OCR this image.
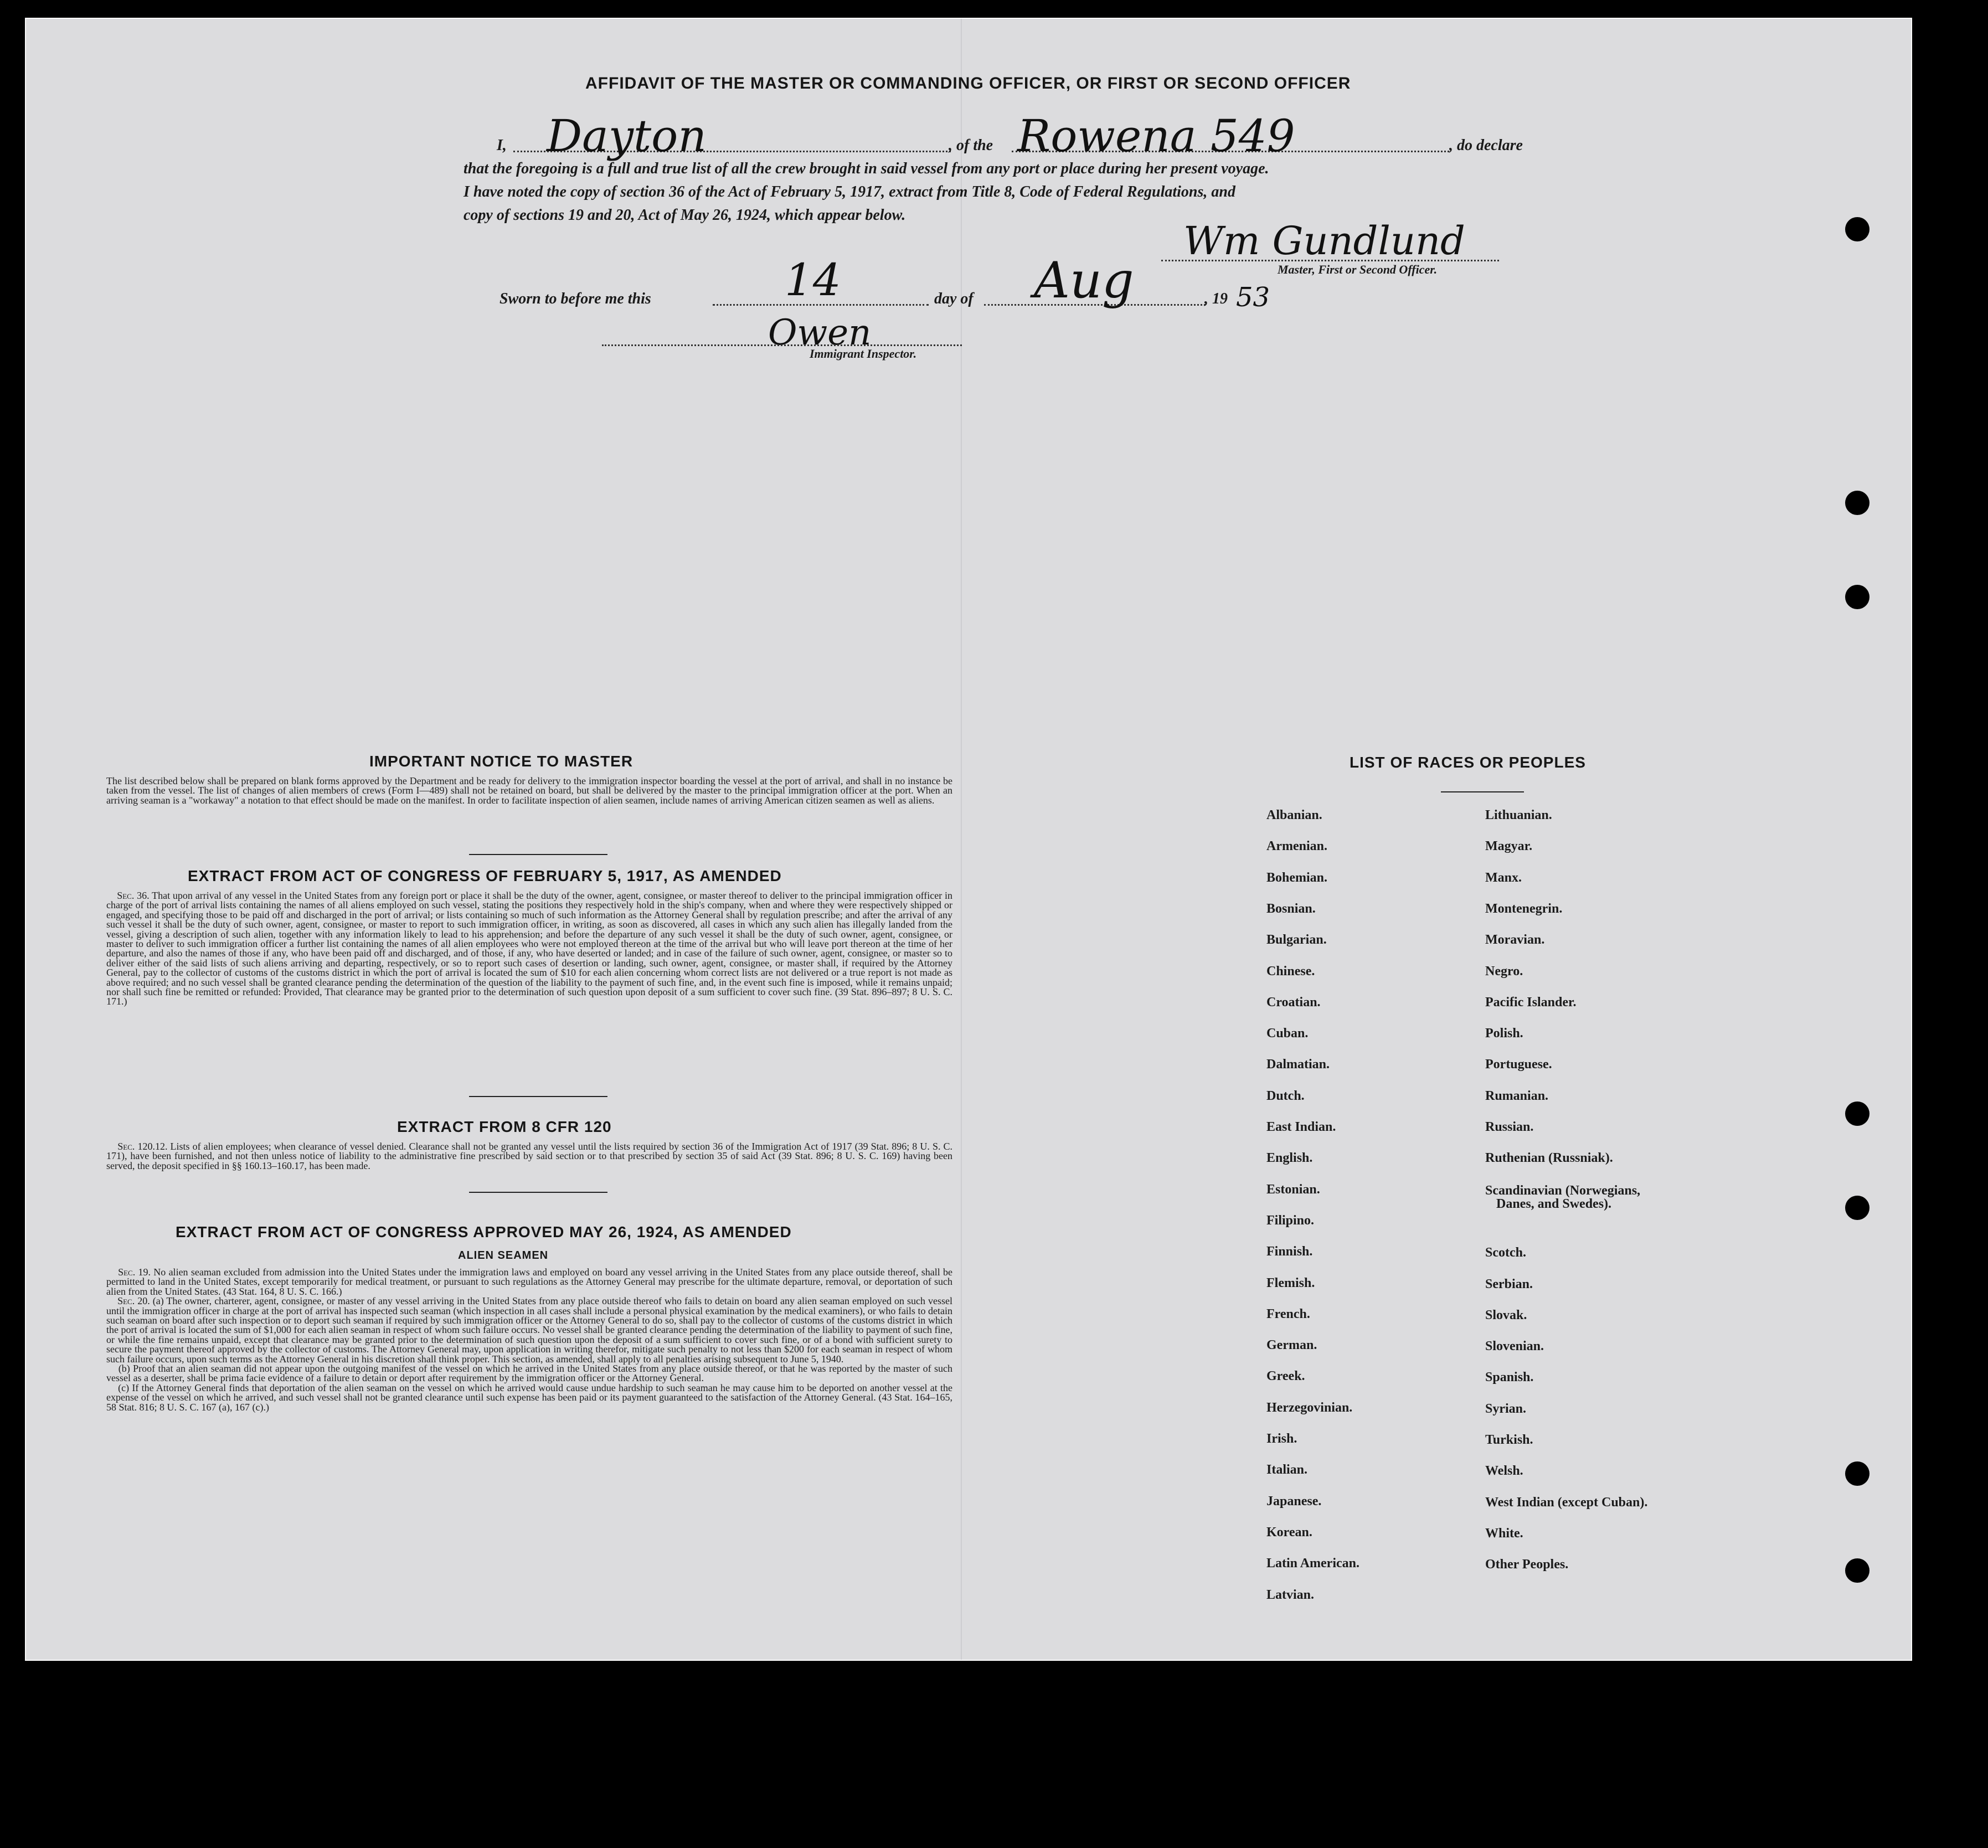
AFFIDAVIT OF THE MASTER OR COMMANDING OFFICER, OR FIRST OR SECOND OFFICER
I, Dayton	, of the Rowena 549	, do declare
that the foregoing is a full and true list of all the crew brought in said vessel from any port or place during her present voyage.
I have noted the copy of section 36 of the Act of February 5, 1917, extract from Title 8, Code of Federal Regulations, and
copy of sections 19 and 20, Act of May 26, 1924, which appear below.
Wm Gundlund
Master, First or Second Officer.
Sworn to before me this	14	day of Aug	, 19 53
Owen
Immigrant Inspector.
IMPORTANT NOTICE TO MASTER
The list described below shall be prepared on blank forms approved by the Department and be ready for delivery to the immigration inspector boarding the vessel at the port of arrival, and shall in no instance be taken from the vessel. The list of changes of alien members of crews (Form I—489) shall not be retained on board, but shall be delivered by the master to the principal immigration officer at the port. When an arriving seaman is a "workaway" a notation to that effect should be made on the manifest. In order to facilitate inspection of alien seamen, include names of arriving American citizen seamen as well as aliens.
EXTRACT FROM ACT OF CONGRESS OF FEBRUARY 5, 1917, AS AMENDED

Sec. 36. That upon arrival of any vessel in the United States from any foreign port or place it shall be the duty of the owner, agent, consignee, or master thereof to deliver to the principal immigration officer in charge of the port of arrival lists containing the names of all aliens employed on such vessel, stating the positions they respectively hold in the ship's company, when and where they were respectively shipped or engaged, and specifying those to be paid off and discharged in the port of arrival; or lists containing so much of such information as the Attorney General shall by regulation prescribe; and after the arrival of any such vessel it shall be the duty of such owner, agent, consignee, or master to report to such immigration officer, in writing, as soon as discovered, all cases in which any such alien has illegally landed from the vessel, giving a description of such alien, together with any information likely to lead to his apprehension; and before the departure of any such vessel it shall be the duty of such owner, agent, consignee, or master to deliver to such immigration officer a further list containing the names of all alien employees who were not employed thereon at the time of the arrival but who will leave port thereon at the time of her departure, and also the names of those if any, who have been paid off and discharged, and of those, if any, who have deserted or landed; and in case of the failure of such owner, agent, consignee, or master so to deliver either of the said lists of such aliens arriving and departing, respectively, or so to report such cases of desertion or landing, such owner, agent, consignee, or master shall, if required by the Attorney General, pay to the collector of customs of the customs district in which the port of arrival is located the sum of $10 for each alien concerning whom correct lists are not delivered or a true report is not made as above required; and no such vessel shall be granted clearance pending the determination of the question of the liability to the payment of such fine, and, in the event such fine is imposed, while it remains unpaid; nor shall such fine be remitted or refunded: Provided, That clearance may be granted prior to the determination of such question upon deposit of a sum sufficient to cover such fine. (39 Stat. 896–897; 8 U. S. C. 171.)

EXTRACT FROM 8 CFR 120

Sec. 120.12. Lists of alien employees; when clearance of vessel denied. Clearance shall not be granted any vessel until the lists required by section 36 of the Immigration Act of 1917 (39 Stat. 896; 8 U. S. C. 171), have been furnished, and not then unless notice of liability to the administrative fine prescribed by said section or to that prescribed by section 35 of said Act (39 Stat. 896; 8 U. S. C. 169) having been served, the deposit specified in §§ 160.13–160.17, has been made.

EXTRACT FROM ACT OF CONGRESS APPROVED MAY 26, 1924, AS AMENDED
ALIEN SEAMEN

Sec. 19. No alien seaman excluded from admission into the United States under the immigration laws and employed on board any vessel arriving in the United States from any place outside thereof, shall be permitted to land in the United States, except temporarily for medical treatment, or pursuant to such regulations as the Attorney General may prescribe for the ultimate departure, removal, or deportation of such alien from the United States. (43 Stat. 164, 8 U. S. C. 166.)

Sec. 20. (a) The owner, charterer, agent, consignee, or master of any vessel arriving in the United States from any place outside thereof who fails to detain on board any alien seaman employed on such vessel until the immigration officer in charge at the port of arrival has inspected such seaman (which inspection in all cases shall include a personal physical examination by the medical examiners), or who fails to detain such seaman on board after such inspection or to deport such seaman if required by such immigration officer or the Attorney General to do so, shall pay to the collector of customs of the customs district in which the port of arrival is located the sum of $1,000 for each alien seaman in respect of whom such failure occurs. No vessel shall be granted clearance pending the determination of the liability to payment of such fine, or while the fine remains unpaid, except that clearance may be granted prior to the determination of such question upon the deposit of a sum sufficient to cover such fine, or of a bond with sufficient surety to secure the payment thereof approved by the collector of customs. The Attorney General may, upon application in writing therefor, mitigate such penalty to not less than $200 for each seaman in respect of whom such failure occurs, upon such terms as the Attorney General in his discretion shall think proper. This section, as amended, shall apply to all penalties arising subsequent to June 5, 1940.

(b) Proof that an alien seaman did not appear upon the outgoing manifest of the vessel on which he arrived in the United States from any place outside thereof, or that he was reported by the master of such vessel as a deserter, shall be prima facie evidence of a failure to detain or deport after requirement by the immigration officer or the Attorney General.

(c) If the Attorney General finds that deportation of the alien seaman on the vessel on which he arrived would cause undue hardship to such seaman he may cause him to be deported on another vessel at the expense of the vessel on which he arrived, and such vessel shall not be granted clearance until such expense has been paid or its payment guaranteed to the satisfaction of the Attorney General. (43 Stat. 164–165, 58 Stat. 816; 8 U. S. C. 167 (a), 167 (c).)

LIST OF RACES OR PEOPLES
Albanian.
Armenian.
Bohemian.
Bosnian.
Bulgarian.
Chinese.
Croatian.
Cuban.
Dalmatian.
Dutch.
East Indian.
English.
Estonian.
Filipino.
Finnish.
Flemish.
French.
German.
Greek.
Herzegovinian.
Irish.
Italian.
Japanese.
Korean.
Latin American.
Latvian.
Lithuanian.
Magyar.
Manx.
Montenegrin.
Moravian.
Negro.
Pacific Islander.
Polish.
Portuguese.
Rumanian.
Russian.
Ruthenian (Russniak).
Scandinavian (Norwegians,
Danes, and Swedes).
Scotch.
Serbian.
Slovak.
Slovenian.
Spanish.
Syrian.
Turkish.
Welsh.
West Indian (except Cuban).
White.
Other Peoples.
